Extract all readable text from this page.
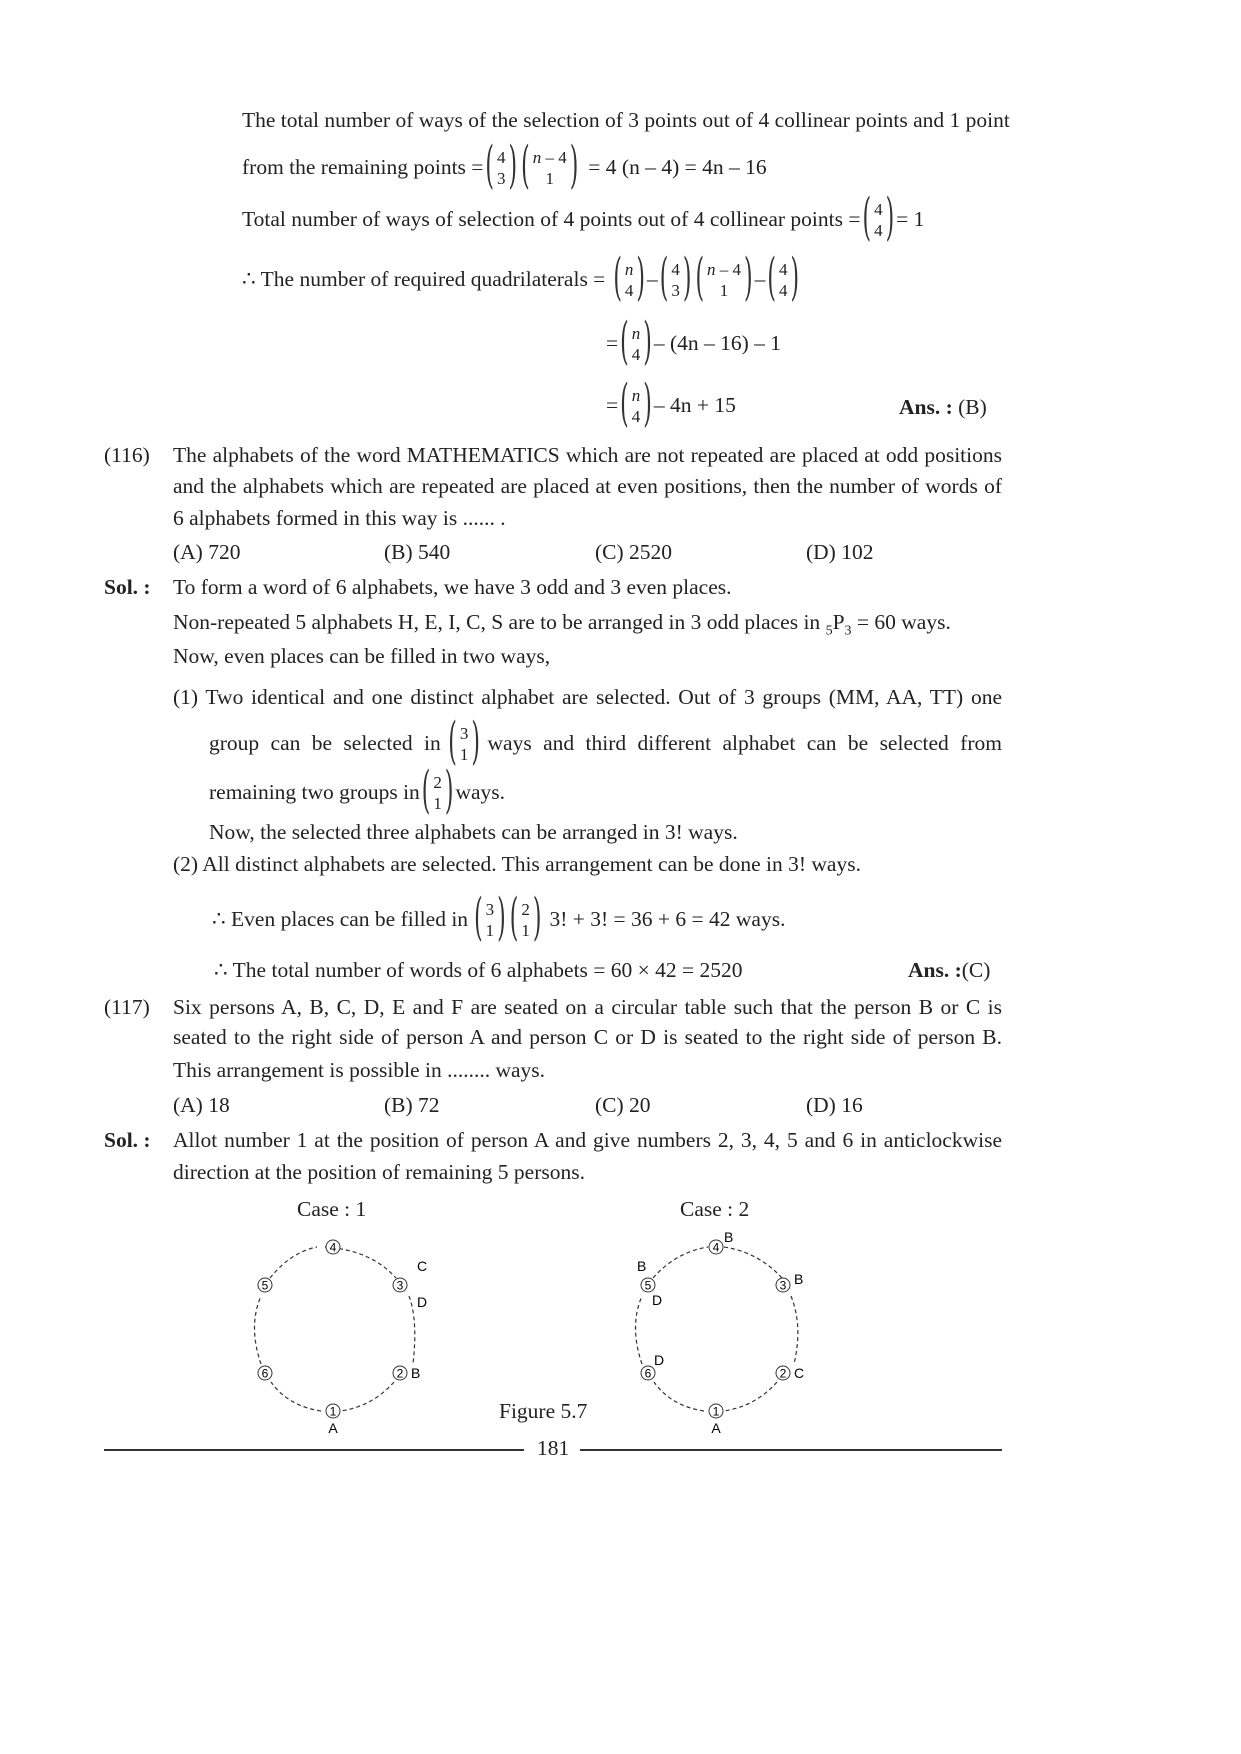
The total number of ways of the selection of 3 points out of 4 collinear points and 1 point
from the remaining points = ( 4
3 ) ( n – 4
1 ) = 4 (n – 4) = 4n – 16
Total number of ways of selection of 4 points out of 4 collinear points = ( 4
4 ) = 1
∴ The number of required quadrilaterals = ( n
4 ) – ( 4
3 ) ( n – 4
1 ) – ( 4
4 )
= ( n
4 ) – (4n – 16) – 1
= ( n
4 ) – 4n + 15	Ans. : (B)
(116) The alphabets of the word MATHEMATICS which are not repeated are placed at odd positions
and the alphabets which are repeated are placed at even positions, then the number of words of
6 alphabets formed in this way is ...... .
(A) 720	(B) 540	(C) 2520	(D) 102
Sol. : To form a word of 6 alphabets, we have 3 odd and 3 even places.
Non-repeated 5 alphabets H, E, I, C, S are to be arranged in 3 odd places in $_5P_3 = 60$ ways.
Now, even places can be filled in two ways,
(1) Two identical and one distinct alphabet are selected. Out of 3 groups (MM, AA, TT) one
group can be selected in ( 3
1 ) ways and third different alphabet can be selected from
remaining two groups in ( 2
1 ) ways.
Now, the selected three alphabets can be arranged in 3! ways.
(2) All distinct alphabets are selected. This arrangement can be done in 3! ways.
∴ Even places can be filled in ( 3
1 ) ( 2
1 ) 3! + 3! = 36 + 6 = 42 ways.
∴ The total number of words of 6 alphabets = 60 × 42 = 2520	Ans. :(C)
(117) Six persons A, B, C, D, E and F are seated on a circular table such that the person B or C is
seated to the right side of person A and person C or D is seated to the right side of person B.
This arrangement is possible in ........ ways.
(A) 18	(B) 72	(C) 20	(D) 16
Sol. : Allot number 1 at the position of person A and give numbers 2, 3, 4, 5 and 6 in anticlockwise
direction at the position of remaining 5 persons.
Case : 1	Case : 2
4
3
2
1
6
5
A
B
C
D
4
3
2
1
6
5
A
C
B
B
B
D
D
Figure 5.7
181
